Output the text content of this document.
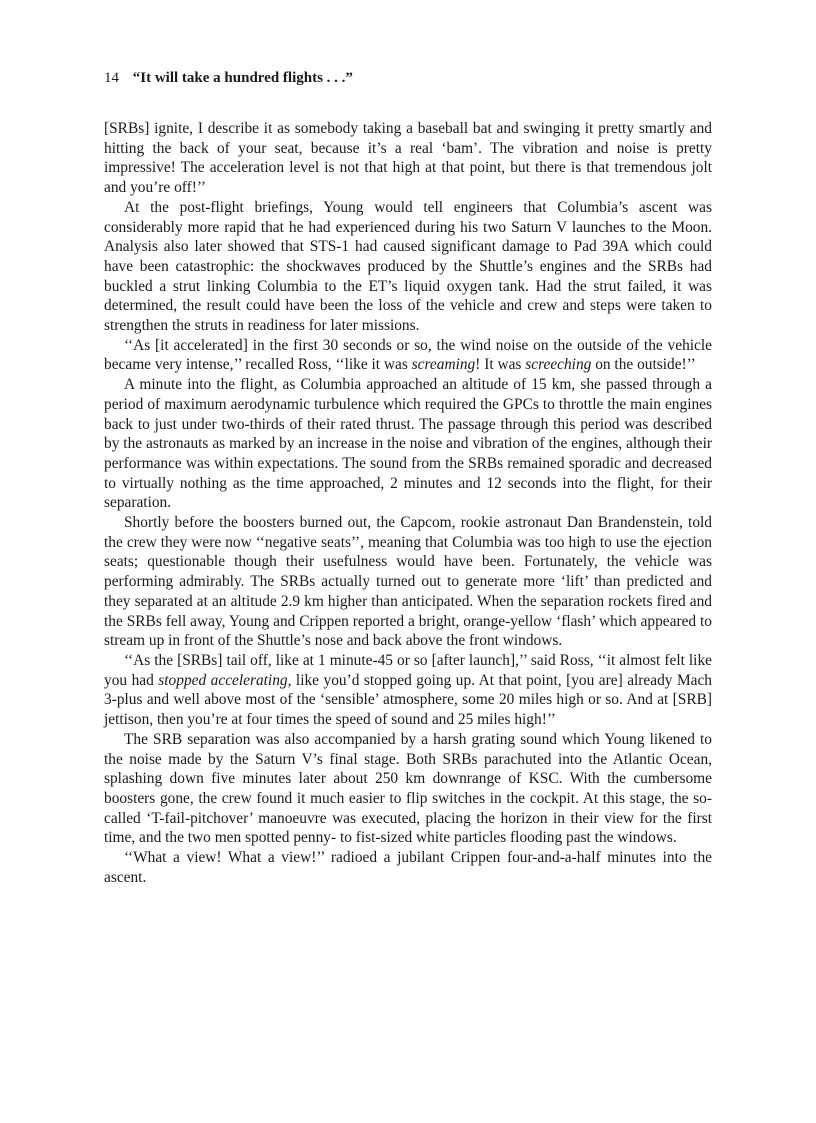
14 “It will take a hundred flights . . .”

[SRBs] ignite, I describe it as somebody taking a baseball bat and swinging it pretty smartly and hitting the back of your seat, because it’s a real ‘bam’. The vibration and noise is pretty impressive! The acceleration level is not that high at that point, but there is that tremendous jolt and you’re off!’’

At the post-flight briefings, Young would tell engineers that Columbia’s ascent was considerably more rapid that he had experienced during his two Saturn V launches to the Moon. Analysis also later showed that STS-1 had caused significant damage to Pad 39A which could have been catastrophic: the shockwaves produced by the Shuttle’s engines and the SRBs had buckled a strut linking Columbia to the ET’s liquid oxygen tank. Had the strut failed, it was determined, the result could have been the loss of the vehicle and crew and steps were taken to strengthen the struts in readiness for later missions.

‘‘As [it accelerated] in the first 30 seconds or so, the wind noise on the outside of the vehicle became very intense,’’ recalled Ross, ‘‘like it was screaming! It was screeching on the outside!’’

A minute into the flight, as Columbia approached an altitude of 15 km, she passed through a period of maximum aerodynamic turbulence which required the GPCs to throttle the main engines back to just under two-thirds of their rated thrust. The passage through this period was described by the astronauts as marked by an increase in the noise and vibration of the engines, although their performance was within expectations. The sound from the SRBs remained sporadic and decreased to virtually nothing as the time approached, 2 minutes and 12 seconds into the flight, for their separation.

Shortly before the boosters burned out, the Capcom, rookie astronaut Dan Brandenstein, told the crew they were now ‘‘negative seats’’, meaning that Columbia was too high to use the ejection seats; questionable though their usefulness would have been. Fortunately, the vehicle was performing admirably. The SRBs actually turned out to generate more ‘lift’ than predicted and they separated at an altitude 2.9 km higher than anticipated. When the separation rockets fired and the SRBs fell away, Young and Crippen reported a bright, orange-yellow ‘flash’ which appeared to stream up in front of the Shuttle’s nose and back above the front windows.

‘‘As the [SRBs] tail off, like at 1 minute-45 or so [after launch],’’ said Ross, ‘‘it almost felt like you had stopped accelerating, like you’d stopped going up. At that point, [you are] already Mach 3-plus and well above most of the ‘sensible’ atmosphere, some 20 miles high or so. And at [SRB] jettison, then you’re at four times the speed of sound and 25 miles high!’’

The SRB separation was also accompanied by a harsh grating sound which Young likened to the noise made by the Saturn V’s final stage. Both SRBs parachuted into the Atlantic Ocean, splashing down five minutes later about 250 km downrange of KSC. With the cumbersome boosters gone, the crew found it much easier to flip switches in the cockpit. At this stage, the so-called ‘T-fail-pitchover’ manoeuvre was executed, placing the horizon in their view for the first time, and the two men spotted penny- to fist-sized white particles flooding past the windows.

‘‘What a view! What a view!’’ radioed a jubilant Crippen four-and-a-half minutes into the ascent.
